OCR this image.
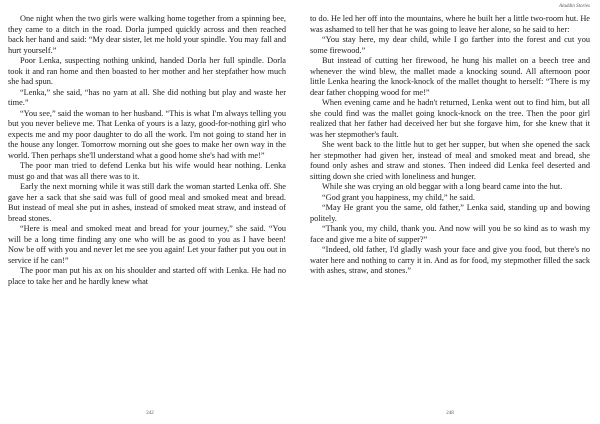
One night when the two girls were walking home together from a spinning bee, they came to a ditch in the road. Dorla jumped quickly across and then reached back her hand and said: “My dear sister, let me hold your spindle. You may fall and hurt yourself.”

Poor Lenka, suspecting nothing unkind, handed Dorla her full spindle. Dorla took it and ran home and then boasted to her mother and her stepfather how much she had spun.

“Lenka,” she said, “has no yarn at all. She did nothing but play and waste her time.”

“You see,” said the woman to her husband. “This is what I'm always telling you but you never believe me. That Lenka of yours is a lazy, good-for-nothing girl who expects me and my poor daughter to do all the work. I'm not going to stand her in the house any longer. Tomorrow morning out she goes to make her own way in the world. Then perhaps she'll understand what a good home she's had with me!”

The poor man tried to defend Lenka but his wife would hear nothing. Lenka must go and that was all there was to it.

Early the next morning while it was still dark the woman started Lenka off. She gave her a sack that she said was full of good meal and smoked meat and bread. But instead of meal she put in ashes, instead of smoked meat straw, and instead of bread stones.

“Here is meal and smoked meat and bread for your journey,” she said. “You will be a long time finding any one who will be as good to you as I have been! Now be off with you and never let me see you again! Let your father put you out in service if he can!”

The poor man put his ax on his shoulder and started off with Lenka. He had no place to take her and he hardly knew what

242
Aladdin Stories

to do. He led her off into the mountains, where he built her a little two-room hut. He was ashamed to tell her that he was going to leave her alone, so he said to her:

“You stay here, my dear child, while I go farther into the forest and cut you some firewood.”

But instead of cutting her firewood, he hung his mallet on a beech tree and whenever the wind blew, the mallet made a knocking sound. All afternoon poor little Lenka hearing the knock-knock of the mallet thought to herself: “There is my dear father chopping wood for me!”

When evening came and he hadn't returned, Lenka went out to find him, but all she could find was the mallet going knock-knock on the tree. Then the poor girl realized that her father had deceived her but she forgave him, for she knew that it was her stepmother's fault.

She went back to the little hut to get her supper, but when she opened the sack her stepmother had given her, instead of meal and smoked meat and bread, she found only ashes and straw and stones. Then indeed did Lenka feel deserted and sitting down she cried with loneliness and hunger.

While she was crying an old beggar with a long beard came into the hut.

“God grant you happiness, my child,” he said.

“May He grant you the same, old father,” Lenka said, standing up and bowing politely.

“Thank you, my child, thank you. And now will you be so kind as to wash my face and give me a bite of supper?”

“Indeed, old father, I'd gladly wash your face and give you food, but there's no water here and nothing to carry it in. And as for food, my stepmother filled the sack with ashes, straw, and stones.”

248
